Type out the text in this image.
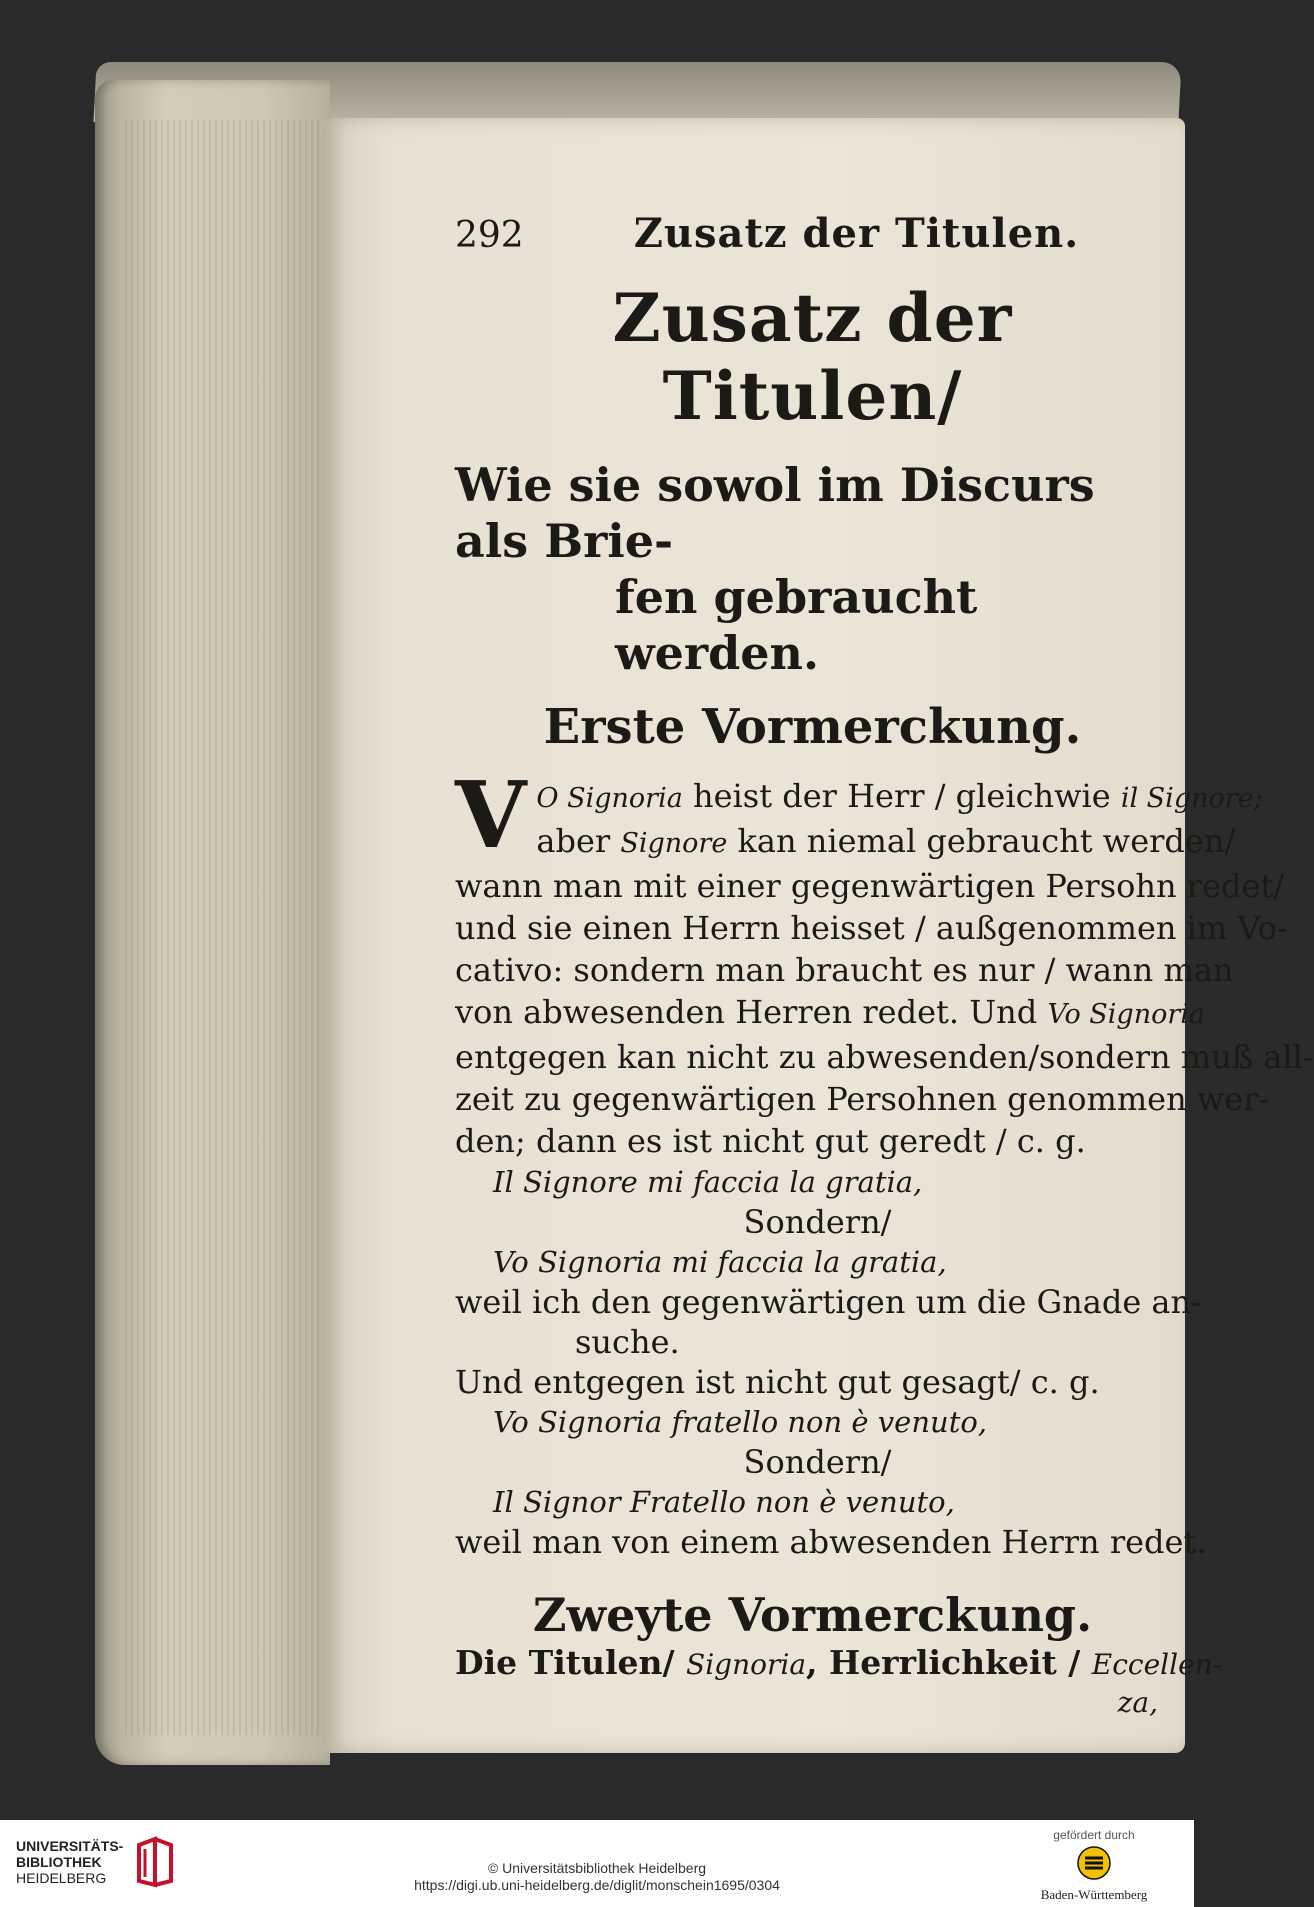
292	Zusatz der Titulen.
Zusatz der Titulen/
Wie sie sowol im Discurs als Brie-
fen gebraucht werden.
Erste Vormerckung.
V O Signoria heist der Herr / gleichwie il Signore;
aber Signore kan niemal gebraucht werden/
wann man mit einer gegenwärtigen Persohn redet/
und sie einen Herrn heisset / außgenommen im Vo-
cativo: sondern man braucht es nur / wann man
von abwesenden Herren redet. Und Vo Signoria
entgegen kan nicht zu abwesenden/sondern muß all-
zeit zu gegenwärtigen Persohnen genommen wer-
den; dann es ist nicht gut geredt / c. g.
Il Signore mi faccia la gratia,
Sondern/
Vo Signoria mi faccia la gratia,
weil ich den gegenwärtigen um die Gnade an-
suche.
Und entgegen ist nicht gut gesagt/ c. g.
Vo Signoria fratello non è venuto,
Sondern/
Il Signor Fratello non è venuto,
weil man von einem abwesenden Herrn redet.
Zweyte Vormerckung.
Die Titulen/ Signoria, Herrlichkeit / Eccellen-
za,
UNIVERSITÄTS-
BIBLIOTHEK
HEIDELBERG
© Universitätsbibliothek Heidelberg
https://digi.ub.uni-heidelberg.de/diglit/monschein1695/0304
gefördert durch
Baden-Württemberg
